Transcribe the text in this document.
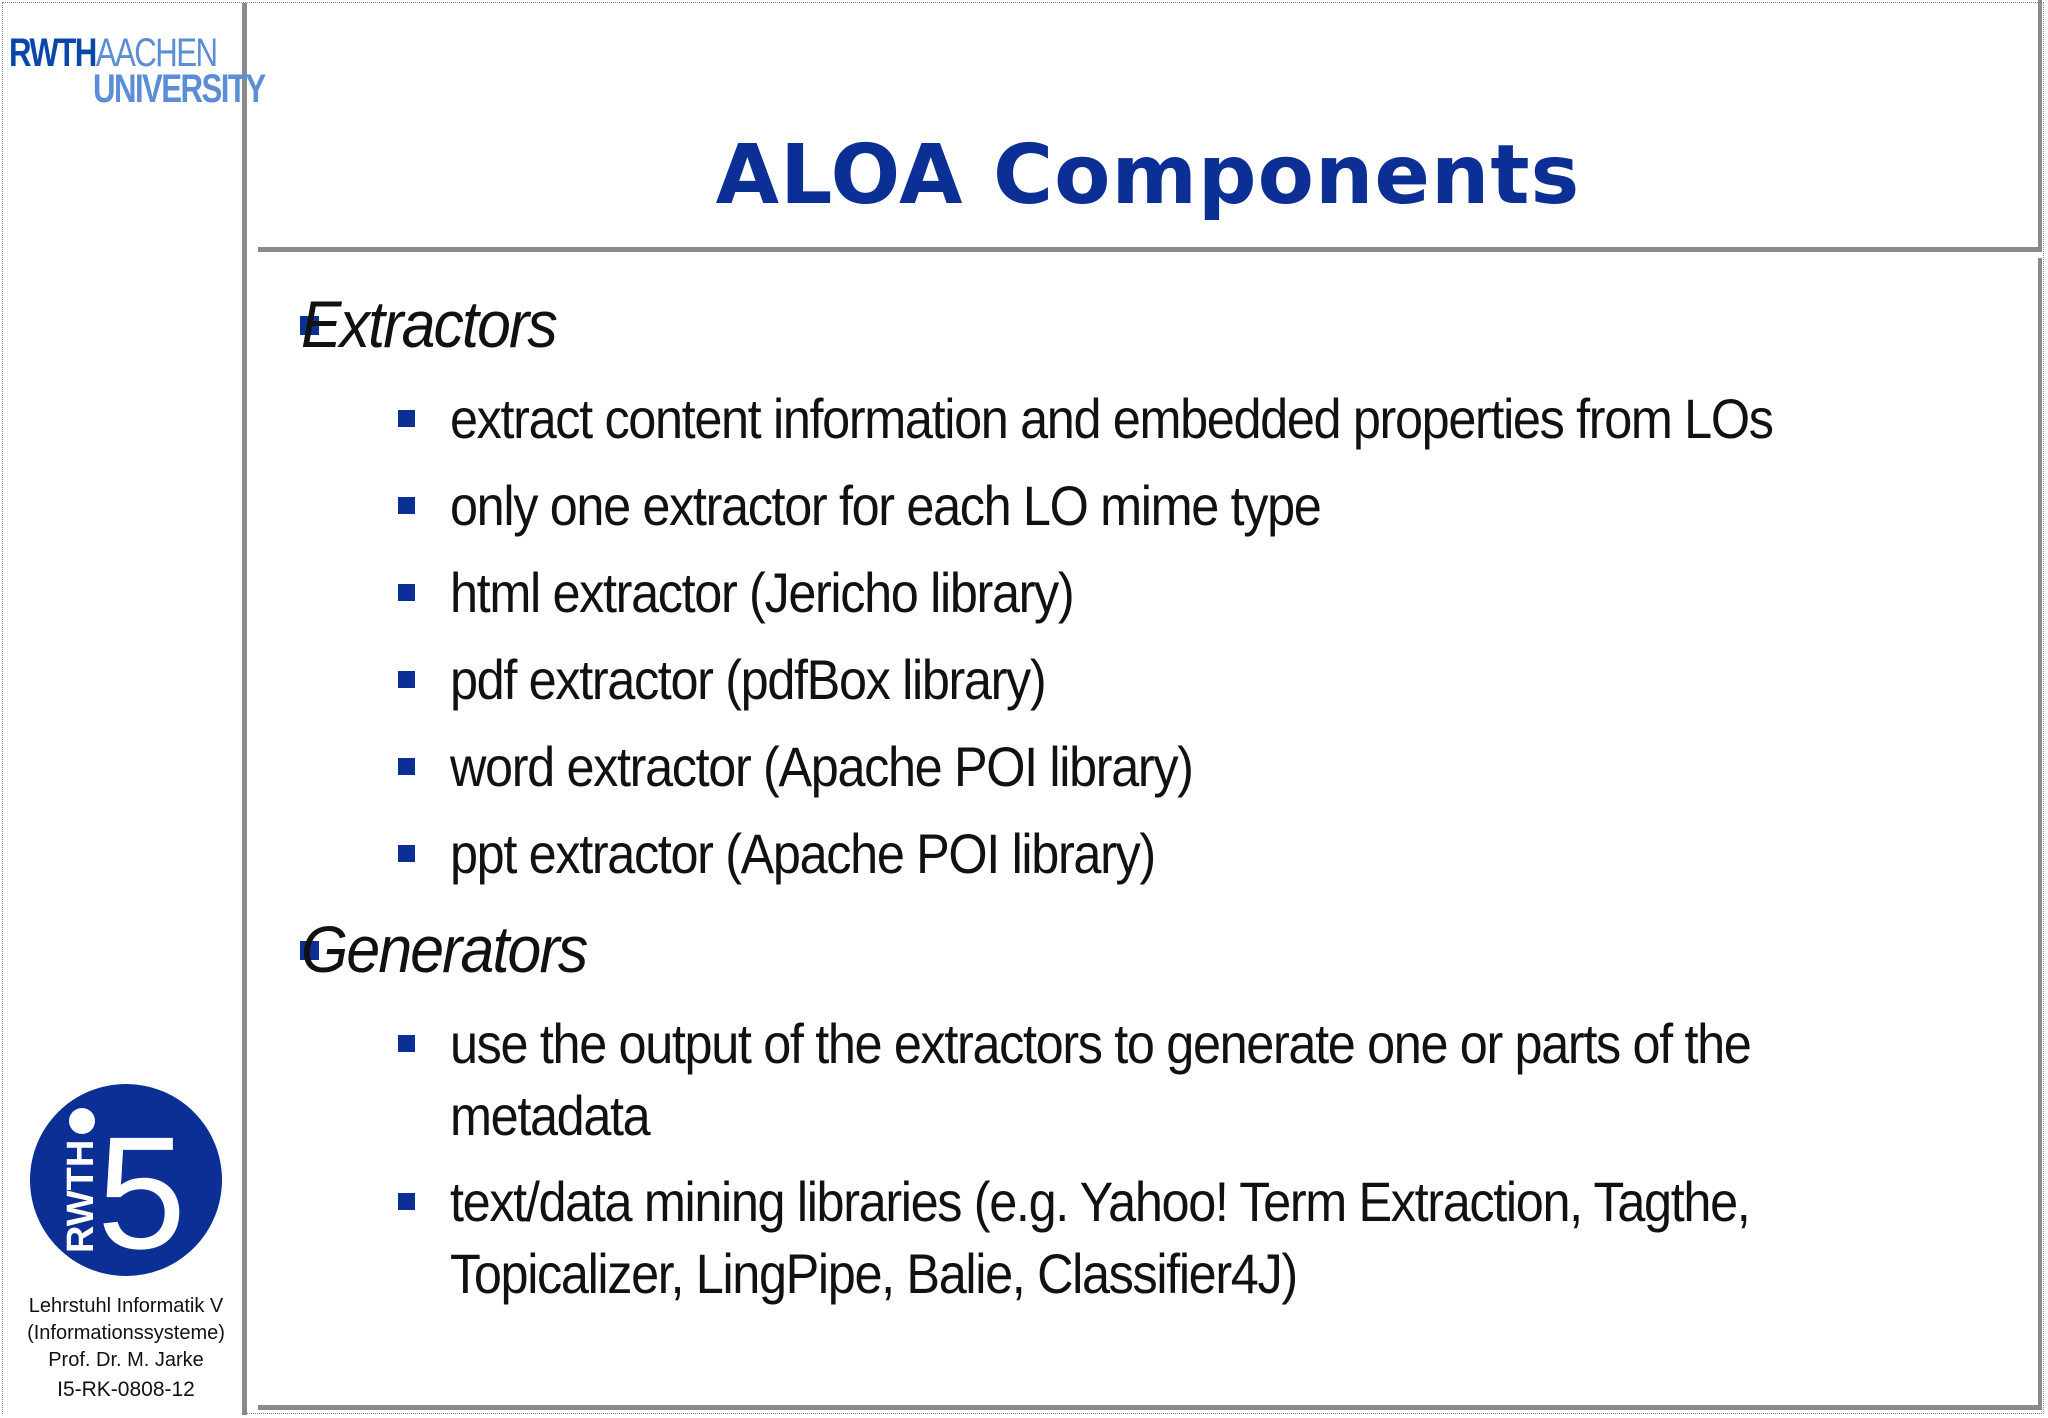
RWTHAACHEN
UNIVERSITY
RWTH
5
Lehrstuhl Informatik V
(Informationssysteme)
Prof. Dr. M. Jarke
I5-RK-0808-12
ALOA Components
Extractors
extract content information and embedded properties from LOs
only one extractor for each LO mime type
html extractor (Jericho library)
pdf extractor (pdfBox library)
word extractor (Apache POI library)
ppt extractor (Apache POI library)
Generators
use the output of the extractors to generate one or parts of the
metadata
text/data mining libraries (e.g. Yahoo! Term Extraction, Tagthe,
Topicalizer, LingPipe, Balie, Classifier4J)
